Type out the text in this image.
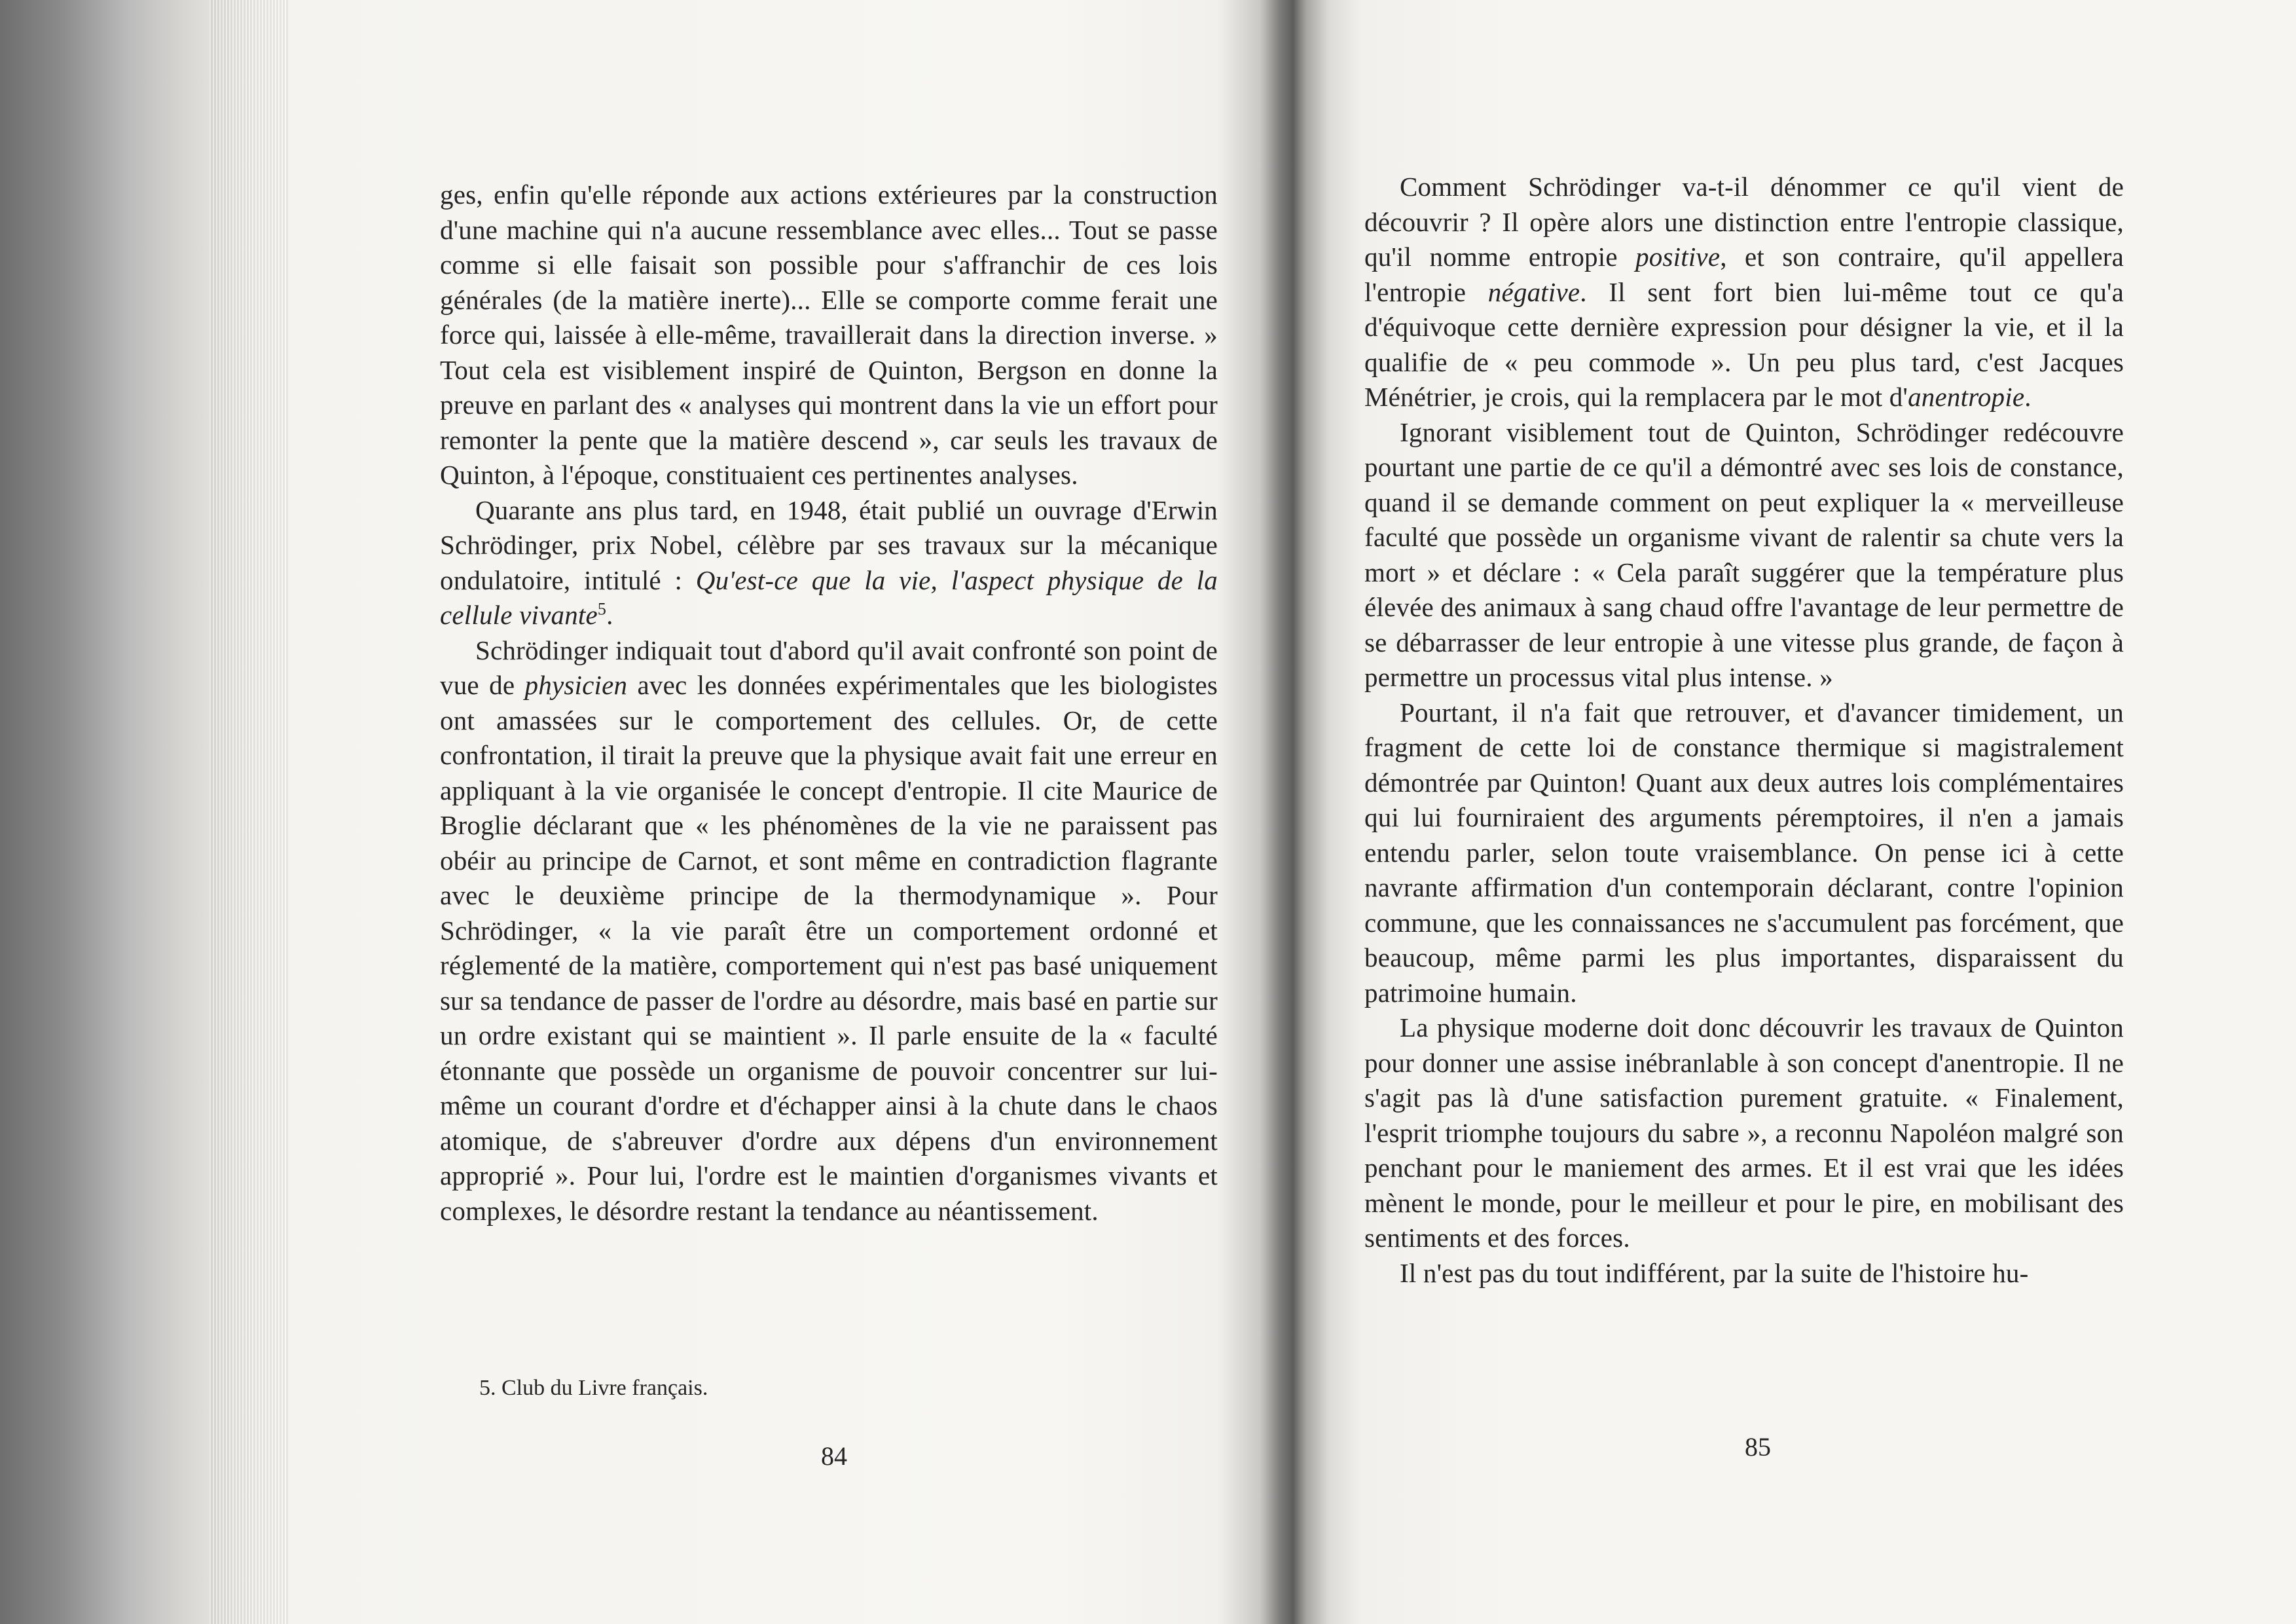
ges, enfin qu'elle réponde aux actions extérieures par la construction d'une machine qui n'a aucune ressemblance avec elles... Tout se passe comme si elle faisait son possible pour s'affranchir de ces lois générales (de la matière inerte)... Elle se comporte comme ferait une force qui, laissée à elle-même, travaillerait dans la direction inverse. » Tout cela est visiblement inspiré de Quinton, Bergson en donne la preuve en parlant des « analyses qui montrent dans la vie un effort pour remonter la pente que la matière descend », car seuls les travaux de Quinton, à l'époque, constituaient ces pertinentes analyses.

Quarante ans plus tard, en 1948, était publié un ouvrage d'Erwin Schrödinger, prix Nobel, célèbre par ses travaux sur la mécanique ondulatoire, intitulé : Qu'est-ce que la vie, l'aspect physique de la cellule vivante$^5$.

Schrödinger indiquait tout d'abord qu'il avait confronté son point de vue de physicien avec les données expérimentales que les biologistes ont amassées sur le comportement des cellules. Or, de cette confrontation, il tirait la preuve que la physique avait fait une erreur en appliquant à la vie organisée le concept d'entropie. Il cite Maurice de Broglie déclarant que « les phénomènes de la vie ne paraissent pas obéir au principe de Carnot, et sont même en contradiction flagrante avec le deuxième principe de la thermodynamique ». Pour Schrödinger, « la vie paraît être un comportement ordonné et réglementé de la matière, comportement qui n'est pas basé uniquement sur sa tendance de passer de l'ordre au désordre, mais basé en partie sur un ordre existant qui se maintient ». Il parle ensuite de la « faculté étonnante que possède un organisme de pouvoir concentrer sur lui-même un courant d'ordre et d'échapper ainsi à la chute dans le chaos atomique, de s'abreuver d'ordre aux dépens d'un environnement approprié ». Pour lui, l'ordre est le maintien d'organismes vivants et complexes, le désordre restant la tendance au néantissement.

5. Club du Livre français.
84

Comment Schrödinger va-t-il dénommer ce qu'il vient de découvrir ? Il opère alors une distinction entre l'entropie classique, qu'il nomme entropie positive, et son contraire, qu'il appellera l'entropie négative. Il sent fort bien lui-même tout ce qu'a d'équivoque cette dernière expression pour désigner la vie, et il la qualifie de « peu commode ». Un peu plus tard, c'est Jacques Ménétrier, je crois, qui la remplacera par le mot d'anentropie.

Ignorant visiblement tout de Quinton, Schrödinger redécouvre pourtant une partie de ce qu'il a démontré avec ses lois de constance, quand il se demande comment on peut expliquer la « merveilleuse faculté que possède un organisme vivant de ralentir sa chute vers la mort » et déclare : « Cela paraît suggérer que la température plus élevée des animaux à sang chaud offre l'avantage de leur permettre de se débarrasser de leur entropie à une vitesse plus grande, de façon à permettre un processus vital plus intense. »

Pourtant, il n'a fait que retrouver, et d'avancer timidement, un fragment de cette loi de constance thermique si magistralement démontrée par Quinton! Quant aux deux autres lois complémentaires qui lui fourniraient des arguments péremptoires, il n'en a jamais entendu parler, selon toute vraisemblance. On pense ici à cette navrante affirmation d'un contemporain déclarant, contre l'opinion commune, que les connaissances ne s'accumulent pas forcément, que beaucoup, même parmi les plus importantes, disparaissent du patrimoine humain.

La physique moderne doit donc découvrir les travaux de Quinton pour donner une assise inébranlable à son concept d'anentropie. Il ne s'agit pas là d'une satisfaction purement gratuite. « Finalement, l'esprit triomphe toujours du sabre », a reconnu Napoléon malgré son penchant pour le maniement des armes. Et il est vrai que les idées mènent le monde, pour le meilleur et pour le pire, en mobilisant des sentiments et des forces.

Il n'est pas du tout indifférent, par la suite de l'histoire hu-

85
